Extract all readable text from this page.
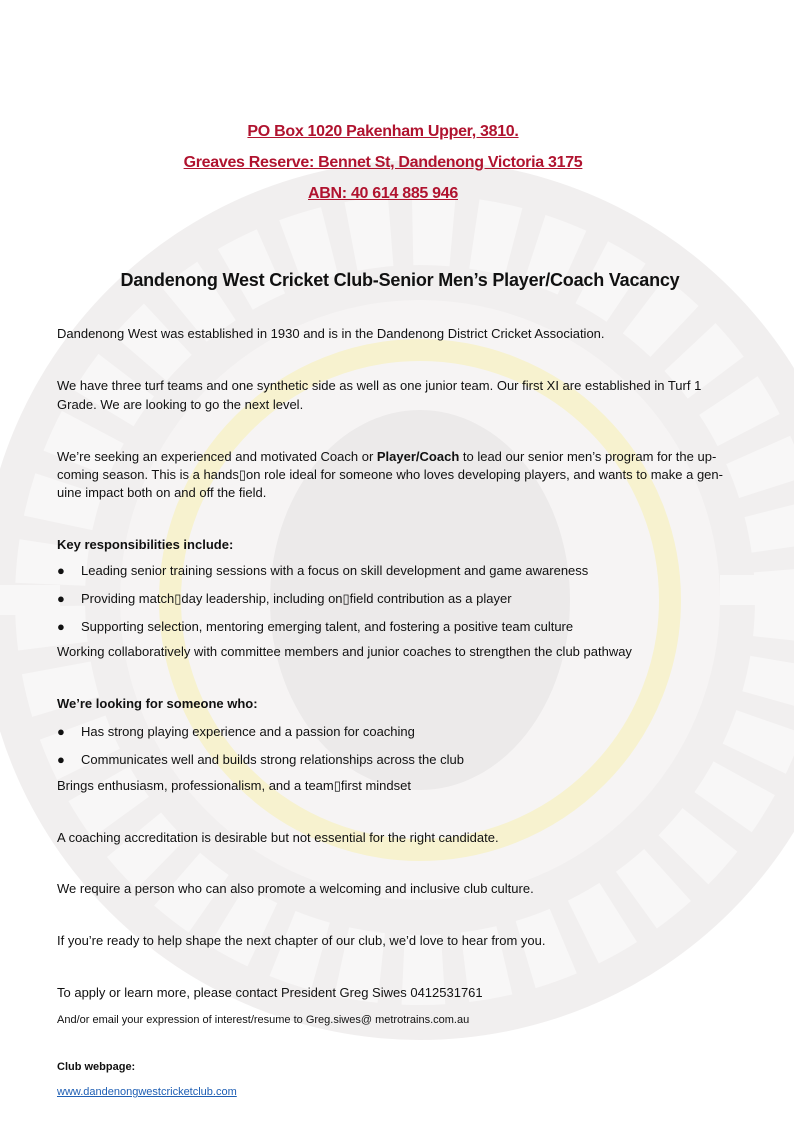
PO Box 1020 Pakenham Upper, 3810.
Greaves Reserve: Bennet St, Dandenong Victoria 3175
ABN: 40 614 885 946
Dandenong West Cricket Club-Senior Men’s Player/Coach Vacancy
Dandenong West was established in 1930 and is in the Dandenong District Cricket Association.
We have three turf teams and one synthetic side as well as one junior team. Our first XI are established in Turf 1
Grade. We are looking to go the next level.
We’re seeking an experienced and motivated Coach or Player/Coach to lead our senior men’s program for the up-
coming season. This is a hands▯on role ideal for someone who loves developing players, and wants to make a gen-
uine impact both on and off the field.
Key responsibilities include:
● Leading senior training sessions with a focus on skill development and game awareness
● Providing match▯day leadership, including on▯field contribution as a player
● Supporting selection, mentoring emerging talent, and fostering a positive team culture
Working collaboratively with committee members and junior coaches to strengthen the club pathway
We’re looking for someone who:
● Has strong playing experience and a passion for coaching
● Communicates well and builds strong relationships across the club
Brings enthusiasm, professionalism, and a team▯first mindset
A coaching accreditation is desirable but not essential for the right candidate.
We require a person who can also promote a welcoming and inclusive club culture.
If you’re ready to help shape the next chapter of our club, we’d love to hear from you.
To apply or learn more, please contact President Greg Siwes 0412531761
And/or email your expression of interest/resume to Greg.siwes@ metrotrains.com.au
Club webpage:
www.dandenongwestcricketclub.com
